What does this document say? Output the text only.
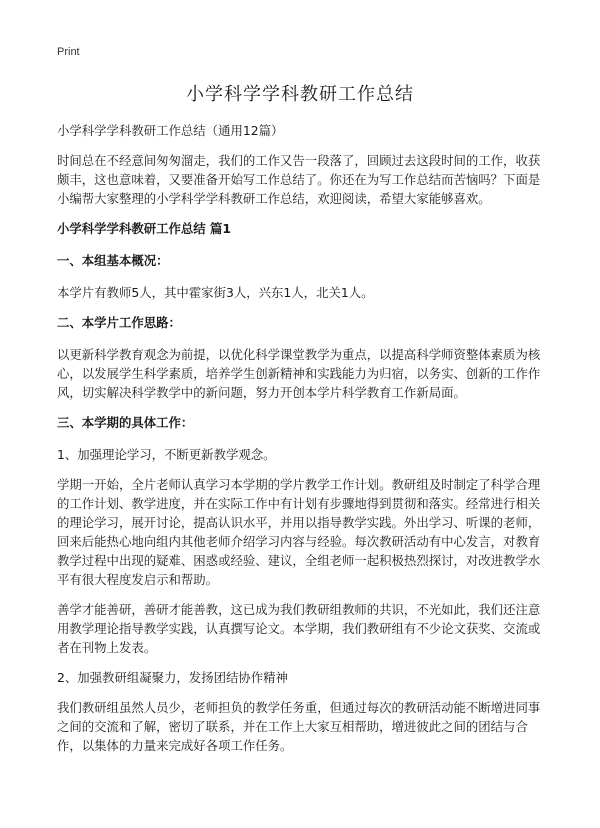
Print
小学科学学科教研工作总结

小学科学学科教研工作总结（通用12篇）

时间总在不经意间匆匆溜走，我们的工作又告一段落了，回顾过去这段时间的工作，收获颇丰，这也意味着，又要准备开始写工作总结了。你还在为写工作总结而苦恼吗？下面是小编帮大家整理的小学科学学科教研工作总结，欢迎阅读，希望大家能够喜欢。

小学科学学科教研工作总结 篇1

一、本组基本概况：

本学片有教师5人，其中霍家街3人，兴东1人，北关1人。

二、本学片工作思路：

以更新科学教育观念为前提，以优化科学课堂教学为重点，以提高科学师资整体素质为核心，以发展学生科学素质，培养学生创新精神和实践能力为归宿，以务实、创新的工作作风，切实解决科学教学中的新问题，努力开创本学片科学教育工作新局面。

三、本学期的具体工作：

1、加强理论学习，不断更新教学观念。

学期一开始，全片老师认真学习本学期的学片教学工作计划。教研组及时制定了科学合理的工作计划、教学进度，并在实际工作中有计划有步骤地得到贯彻和落实。经常进行相关的理论学习，展开讨论，提高认识水平，并用以指导教学实践。外出学习、听课的老师，回来后能热心地向组内其他老师介绍学习内容与经验。每次教研活动有中心发言，对教育教学过程中出现的疑难、困惑或经验、建议，全组老师一起积极热烈探讨，对改进教学水平有很大程度发启示和帮助。

善学才能善研，善研才能善教，这已成为我们教研组教师的共识，不光如此，我们还注意用教学理论指导教学实践，认真撰写论文。本学期，我们教研组有不少论文获奖、交流或者在刊物上发表。

2、加强教研组凝聚力，发扬团结协作精神

我们教研组虽然人员少，老师担负的教学任务重，但通过每次的教研活动能不断增进同事之间的交流和了解，密切了联系，并在工作上大家互相帮助，增进彼此之间的团结与合作，以集体的力量来完成好各项工作任务。
